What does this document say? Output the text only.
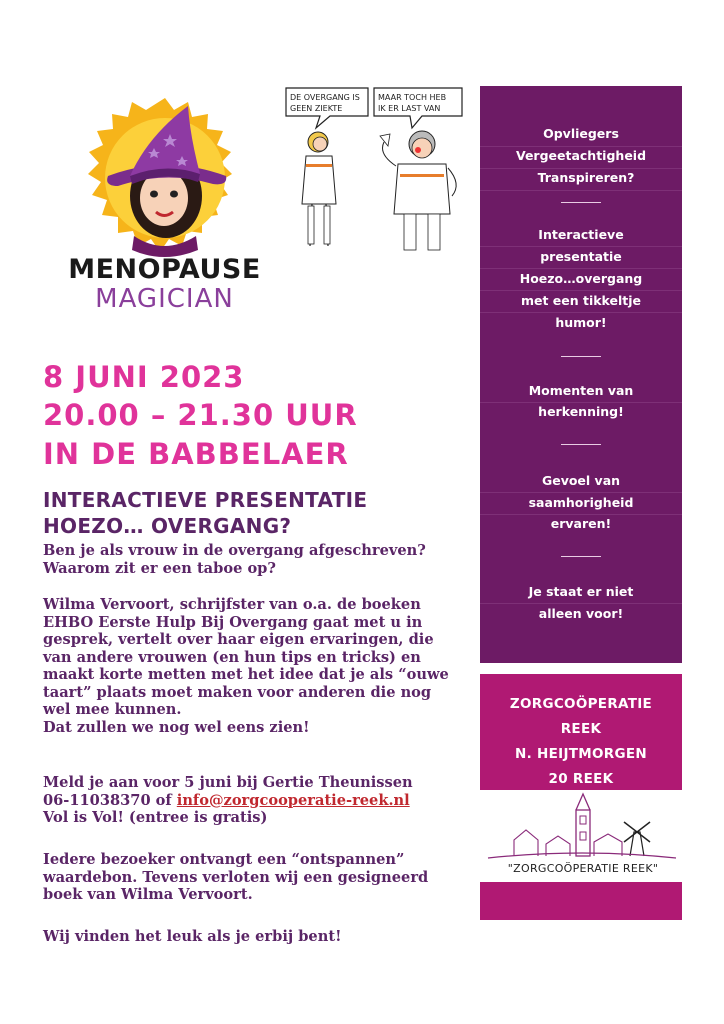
MENOPAUSE
MAGICIAN
DE OVERGANG IS
GEEN ZIEKTE
MAAR TOCH HEB
IK ER LAST VAN
8 JUNI 2023
20.00 – 21.30 UUR
IN DE BABBELAER
INTERACTIEVE PRESENTATIE
HOEZO… OVERGANG?

Ben je als vrouw in de overgang afgeschreven?

Waarom zit er een taboe op?

Wilma Vervoort, schrijfster van o.a. de boeken

EHBO Eerste Hulp Bij Overgang gaat met u in

gesprek, vertelt over haar eigen ervaringen, die

van andere vrouwen (en hun tips en tricks) en

maakt korte metten met het idee dat je als “ouwe

taart” plaats moet maken voor anderen die nog

wel mee kunnen.

Dat zullen we nog wel eens zien!

Meld je aan voor 5 juni bij Gertie Theunissen

06-11038370 of info@zorgcooperatie-reek.nl

Vol is Vol! (entree is gratis)

Iedere bezoeker ontvangt een “ontspannen”

waardebon. Tevens verloten wij een gesigneerd

boek van Wilma Vervoort.

Wij vinden het leuk als je erbij bent!
Opvliegers
Vergeetachtigheid
Transpireren?
Interactieve
presentatie
Hoezo…overgang
met een tikkeltje
humor!
Momenten van
herkenning!
Gevoel van
saamhorigheid
ervaren!
Je staat er niet
alleen voor!
ZORGCOÖPERATIE
REEK
N. HEIJTMORGEN
20 REEK
"ZORGCOÖPERATIE REEK"
